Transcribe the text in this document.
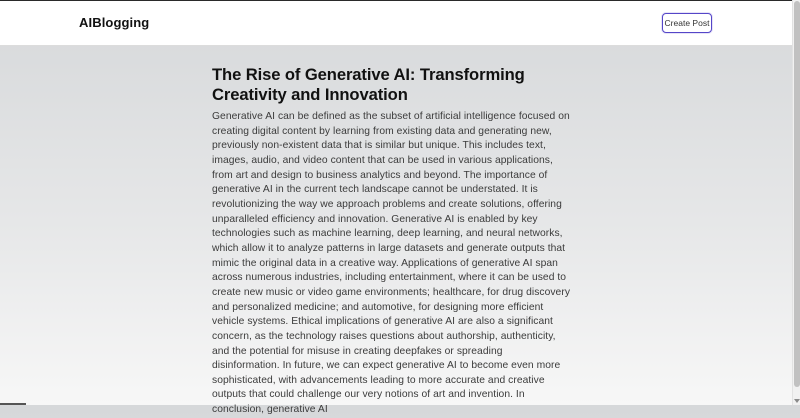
AIBlogging	Create Post
The Rise of Generative AI: Transforming Creativity and Innovation

Generative AI can be defined as the subset of artificial intelligence focused on creating digital content by learning from existing data and generating new, previously non-existent data that is similar but unique. This includes text, images, audio, and video content that can be used in various applications, from art and design to business analytics and beyond. The importance of generative AI in the current tech landscape cannot be understated. It is revolutionizing the way we approach problems and create solutions, offering unparalleled efficiency and innovation. Generative AI is enabled by key technologies such as machine learning, deep learning, and neural networks, which allow it to analyze patterns in large datasets and generate outputs that mimic the original data in a creative way. Applications of generative AI span across numerous industries, including entertainment, where it can be used to create new music or video game environments; healthcare, for drug discovery and personalized medicine; and automotive, for designing more efficient vehicle systems. Ethical implications of generative AI are also a significant concern, as the technology raises questions about authorship, authenticity, and the potential for misuse in creating deepfakes or spreading disinformation. In future, we can expect generative AI to become even more sophisticated, with advancements leading to more accurate and creative outputs that could challenge our very notions of art and invention. In conclusion, generative AI
